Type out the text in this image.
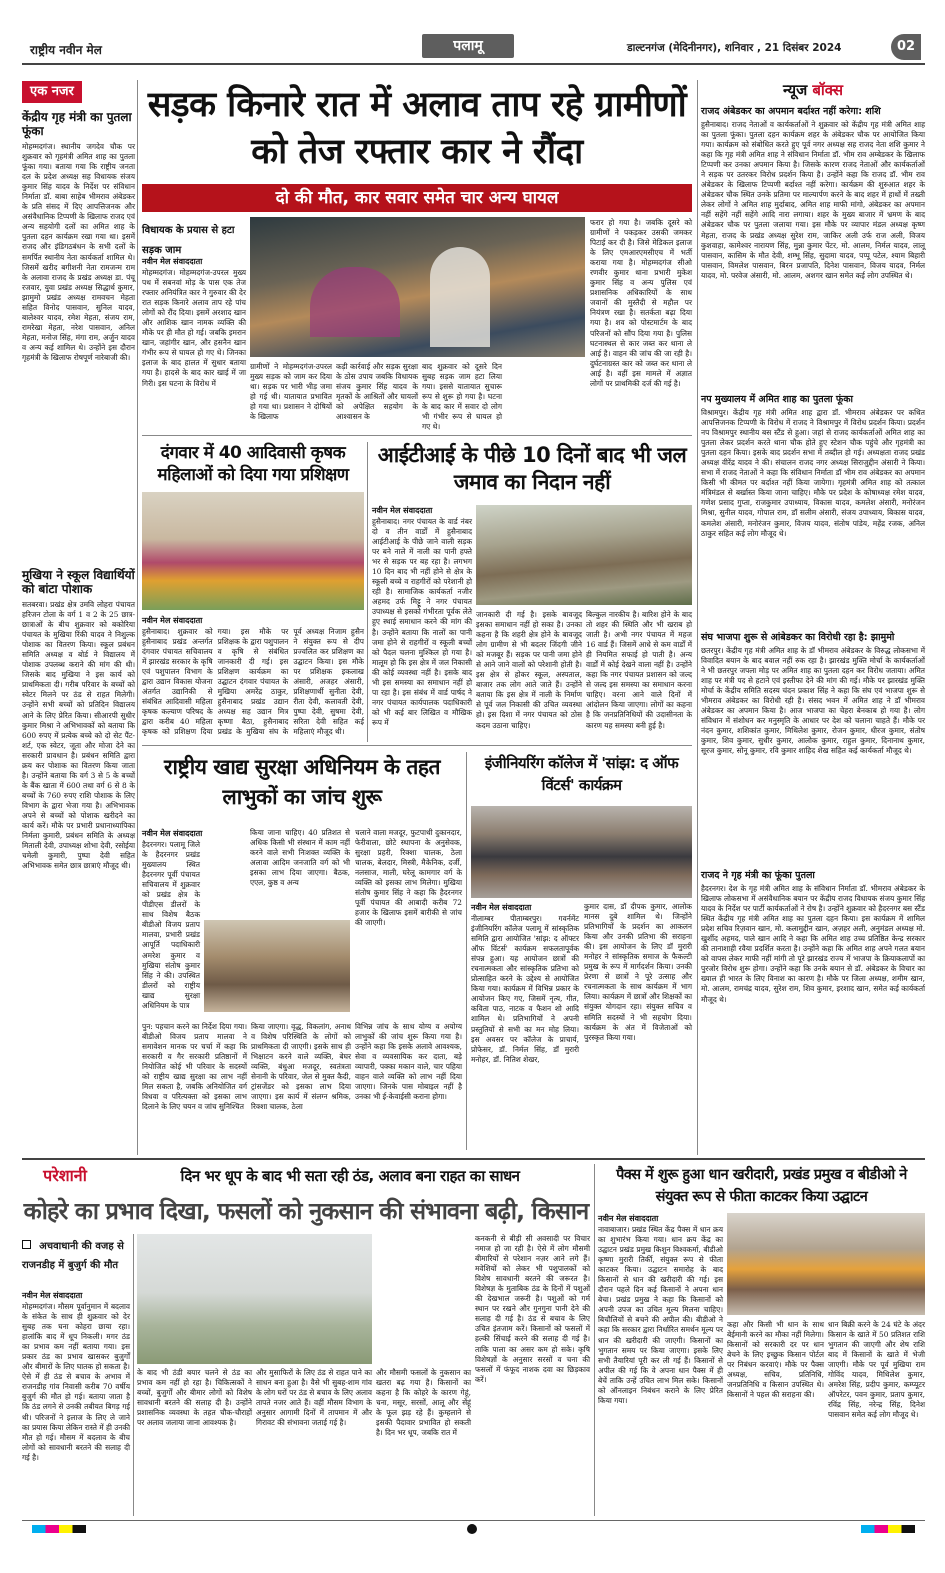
राष्ट्रीय नवीन मेल	पलामू	डाल्टनगंज (मेदिनीनगर), शनिवार , 21 दिसंबर 2024	02
एक नजर
केंद्रीय गृह मंत्री का पुतला फूंका
मोहम्मदगंज। स्थानीय जगदेव चौक पर शुक्रवार को गृहमंत्री अमित शाह का पुतला फूंका गया। बताया गया कि राष्ट्रीय जनता दल के प्रदेश अध्यक्ष सह विधायक संजय कुमार सिंह यादव के निर्देश पर संविधान निर्माता डॉ. बाबा साहेब भीमराव अंबेडकर के प्रति संसद में दिए आपत्तिजनक और असंवैधानिक टिप्पणी के खिलाफ राजद एवं अन्य सहयोगी दलों का अमित शाह के पुतला दहन कार्यक्रम रखा गया था। इसमें राजद और इंडिगठबंधन के सभी दलों के समर्पित स्थानीय नेता कार्यकर्ता शामिल थे। जिसमें खरीद बगीशनी नेता रामजन्म राम के अलावा राजद के प्रखंड अध्यक्ष डा. पंचू रजवार, युवा प्रखंड अध्यक्ष सिद्धार्थ कुमार, झामुमो प्रखंड अध्यक्ष रामवचन मेहता सहित विनोद पासवान, सुनिल यादव, बालेश्वर यादव, रमेश मेहता, संजय राम, रामरेखा मेहता, नरेश पासवान, अनिल मेहता, मनोज सिंह, मंगा राम, अर्जुन यादव व अन्य कई शामिल थे। उन्होंने इस दौरान गृहमंत्री के खिलाफ रोषपूर्ण नारेबाजी की।
मुखिया ने स्कूल विद्यार्थियों को बांटा पोशाक
सतबरवा। प्रखंड क्षेत्र उमवि लोहरा पंचायत हरिजन टोला के वर्ग 1 व 2 के 25 छात्र-छात्राओं के बीच शुक्रवार को बकोरिया पंचायत के मुखिया रिंकी यादव ने निशुल्क पोशाक का वितरण किया। स्कूल प्रबंधन समिति अध्यक्ष व बोर्ड ने विद्यालय में पोशाक उपलब्ध कराने की मांग की थी। जिसके बाद मुखिया ने इस कार्य को प्राथमिकता दी। गरीब परिवार के बच्चों को स्वेटर मिलने पर ठंड से राहत मिलेगी। उन्होंने सभी बच्चों को प्रतिदिन विद्यालय आने के लिए प्रेरित किया। सीआरपी सुधीर कुमार मिश्रा ने अभिभावकों को बताया कि 600 रुपए में प्रत्येक बच्चे को दो सेट पैंट-शर्ट, एक स्वेटर, जूता और मोजा देने का सरकारी प्रावधान है। प्रबंधन समिति द्वारा क्रय कर पोशाक का वितरण किया जाता है। उन्होंने बताया कि वर्ग 3 से 5 के बच्चों के बैंक खाता में 600 तथा वर्ग 6 से 8 के बच्चों के 760 रुपए राशि पोशाक के लिए विभाग के द्वारा भेजा गया है। अभिभावक अपने से बच्चों को पोशाक खरीदने का कार्य करें। मौके पर प्रभारी प्रधानाध्यापिका निर्मला कुमारी, प्रबंधन समिति के अध्यक्ष मिताली देवी, उपाध्यक्ष शोभा देवी, रसोईया चमेली कुमारी, पुष्पा देवी सहित अभिभावक समेत छात्र छात्राएं मौजूद थी।
सड़क किनारे रात में अलाव ताप रहे ग्रामीणों को तेज रफ्तार कार ने रौंदा
दो की मौत, कार सवार समेत चार अन्य घायल
विधायक के प्रयास से हटा सड़क जाम
नवीन मेल संवाददाता
मोहम्मदगंज। मोहम्मदगंज-उपरल मुख्य पथ में सबनवां मोड़ के पास एक तेज रफ्तार अनियंत्रित कार ने गुरुवार की देर रात सड़क किनारे अलाव ताप रहे पांच लोगों को रौंद दिया। इसमें अरशाद खान और आशिक खान नामक व्यक्ति की मौके पर ही मौत हो गई। जबकि इमरान खान, जहांगीर खान, और हसनैन खान गंभीर रूप से घायल हो गए थे। जिनका इलाज के बाद हालत में सुधार बताया गया है। हादसे के बाद कार खाई में जा गिरी। इस घटना के विरोध में
ग्रामीणों ने मोहम्मदगंज-उपरल मुख्य सड़क को जाम कर दिया था। सड़क पर भारी भीड़ जमा हो गई थी। यातायात प्रभावित हो गया था। प्रशासन ने दोषियों के खिलाफ
कड़ी कार्रवाई और सड़क सुरक्षा के ठोस उपाय जबकि विधायक संजय कुमार सिंह यादव के मृतकों के आश्रितों और घायलों को अपेक्षित सहयोग के आश्वासन के
बाद शुक्रवार को दूसरे दिन सुबह सड़क जाम हटा लिया गया। इससे यातायात सुचारू रूप से शुरू हो गया है। घटना के बाद कार में सवार दो लोग भी गंभीर रूप से घायल हो गए थे।
फरार हो गया है। जबकि दूसरे को ग्रामीणों ने पकड़कर उसकी जमकर पिटाई कर दी है। जिसे मेडिकल इलाज के लिए एमआरएमसीएच में भर्ती कराया गया है। मोहम्मदगंज सीओ रणवीर कुमार थाना प्रभारी मुकेश कुमार सिंह व अन्य पुलिस एवं प्रशासनिक अधिकारियों के साथ जवानों की मुस्तैदी से महौल पर नियंत्रण रखा है। सतर्कता बढ़ा दिया गया है। शव को पोस्टमार्टम के बाद परिजनों को सौंप दिया गया है। पुलिस घटनास्थल से कार जब्त कर थाना ले आई है। वाहन की जांच की जा रही है। दुर्घटनाग्रस्त कार को जब्त कर थाना ले आई है। वहीं इस मामले में अज्ञात लोगों पर प्राथमिकी दर्ज की गई है।
दंगवार में 40 आदिवासी कृषक महिलाओं को दिया गया प्रशिक्षण
नवीन मेल संवाददाता
हुसैनाबाद। शुक्रवार को हुसैनाबाद प्रखंड अन्तर्गत दंगवार पंचायत सचिवालय में झारखंड सरकार के कृषि एवं पशुपालन विभाग के द्वारा उद्यान विकास योजना अंतर्गत उद्यानिकी से संबंधित आदिवासी महिला कृषक कल्याण परिषद के द्वारा करीब 40 महिला कृषक को प्रशिक्षण दिया गया। इस मौके पर प्रशिक्षक के द्वारा पशुपालन व कृषि से संबंधित जानकारी दी गई। इस प्रशिक्षण कार्यक्रम का उद्घाटन दंगवार पंचायत के मुखिया अमरेंद्र ठाकुर, हुसैनाबाद प्रखंड उद्यान अध्यक्ष सह उद्यान मित्र कृष्णा बैठा, हुसैनाबाद प्रखंड के मुखिया संघ के पूर्व अध्यक्ष निजाम हुसैन ने संयुक्त रूप से दीप प्रज्वलित कर प्रशिक्षण का उद्घाटन किया। इस मौके पर प्रशिक्षक इकलाख अंसारी, अजहर अंसारी, प्रशिक्षणार्थी सुनीता देवी, रीता देवी, कलावती देवी, पुष्पा देवी, सुषमा देवी, सरिता देवी सहित कई महिलाएं मौजूद थी।
आईटीआई के पीछे 10 दिनों बाद भी जल जमाव का निदान नहीं
नवीन मेल संवाददाता
हुसैनाबाद। नगर पंचायत के वार्ड नंबर दो व तीन वार्डों में हुसैनाबाद आईटीआई के पीछे जाने वाली सड़क पर बने नाले में नाली का पानी हफ्ते भर से सड़क पर बह रहा है। लगभग 10 दिन बाद भी नहीं होने से क्षेत्र के स्कूली बच्चे व राहगीरों को परेशानी हो रही है। सामाजिक कार्यकर्ता नजीर अहमद उर्फ मिट्टू ने नगर पंचायत उपाध्यक्ष से इसको गंभीरता पूर्वक लेते हुए स्थाई समाधान करने की मांग की है। उन्होंने बताया कि नालों का पानी जमा होने से राहगीरों व स्कूली बच्चों को पैदल चलना मुश्किल हो गया है। मालूम हो कि इस क्षेत्र में जल निकासी की कोई व्यवस्था नहीं है। इसके बाद भी इस समस्या का समाधान नहीं हो पा रहा है। इस संबंध में वार्ड पार्षद ने नगर पंचायत कार्यपालक पदाधिकारी को भी कई बार लिखित व मौखिक रूप में
जानकारी दी गई है। इसके बावजूद इसका समाधान नहीं हो सका है। उनका कहना है कि शहरी क्षेत्र होने के बावजूद लोग ग्रामीण से भी बदतर जिंदगी जीने को मजबूर हैं। सड़क पर पानी जमा होने से आने जाने वालों को परेशानी होती है। इस क्षेत्र से होकर स्कूल, अस्पताल, बाजार तक लोग आते जाते हैं। उन्होंने बताया कि इस क्षेत्र में नाली के निर्माण से पूर्व जल निकासी की उचित व्यवस्था हो। इस दिशा में नगर पंचायत को ठोस कदम उठाना चाहिए।
बिल्कुल नारकीय है। बारिश होने के बाद तो शहर की स्थिति और भी खराब हो जाती है। अभी नगर पंचायत में महज 16 वार्ड हैं। जिसमें आधे से कम वार्डों में ही नियमित सफाई हो पाती है। अन्य वार्डों में कोई देखने वाला नहीं है। उन्होंने कहा कि नगर पंचायत प्रशासन को जल्द से जल्द इस समस्या का समाधान करना चाहिए। वरना आने वाले दिनों में आंदोलन किया जाएगा। लोगों का कहना है कि जनप्रतिनिधियों की उदासीनता के कारण यह समस्या बनी हुई है।
राष्ट्रीय खाद्य सुरक्षा अधिनियम के तहत लाभुकों का जांच शुरू
नवीन मेल संवाददाता
हैदरनगर। पलामू जिले के हैदरनगर प्रखंड मुख्यालय स्थित हैदरनगर पूर्वी पंचायत सचिवालय में शुक्रवार को प्रखंड क्षेत्र के पीडीएस डीलरों के साथ विशेष बैठक बीडीओ विजय प्रताप मालवा, प्रभारी प्रखंड आपूर्ति पदाधिकारी अमरेश कुमार व मुखिया संतोष कुमार सिंह ने की। उपस्थित डीलरों को राष्ट्रीय खाद्य सुरक्षा अधिनियम के पात्र
किया जाना चाहिए। 40 प्रतिशत से अधिक किसी भी संस्थान में काम नहीं करने वाले सभी निःशक्त व्यक्ति के अलावा आदिम जनजाति वर्ग को भी इसका लाभ दिया जाएगा। बैठक, एएल, कुष्ठ व अन्य
पुन: पहचान करने का निर्देश दिया गया। बीडीओ विजय प्रताप मालवा ने समावेशन मानक पर चर्चा में कहा कि सरकारी व गैर सरकारी प्रतिष्ठानों में नियोजित कोई भी परिवार के सदस्यों को राष्ट्रीय खाद्य सुरक्षा का लाभ नहीं मिल सकता है, जबकि अनियोजित वर्ग विधवा व परित्यक्ता को इसका लाभ दिलाने के लिए चयन व जांच सुनिश्चित
किया जाएगा। वृद्ध, विकलांग, अनाथ व विशेष परिस्थिति के लोगों को प्राथमिकता दी जाएगी। इसके साथ ही भिक्षाटन करने वाले व्यक्ति, बेघर व्यक्ति, बंधुआ मजदूर, स्वतंत्रता सेनानी के परिवार, जेल से मुक्त कैदी, ट्रांसजेंडर को इसका लाभ दिया जाएगा। इस कार्य में संलग्न श्रमिक, रिक्शा चालक, ठेला
चलाने वाला मजदूर, फुटपाथी दुकानदार, फेरीवाला, छोटे स्थापना के अनुसेवक, सुरक्षा प्रहरी, रिक्शा चालक, ठेला चालक, बेलदार, मिस्त्री, मैकेनिक, दर्जी, नलसाज, माली, घरेलू कामगार वर्ग के व्यक्ति को इसका लाभ मिलेगा। मुखिया संतोष कुमार सिंह ने कहा कि हैदरनगर पूर्वी पंचायत की आबादी करीब 72 हजार के खिलाफ इसमें बारीकी से जांच की जाएगी।
विभिन्न जांच के साथ योग्य व अयोग्य लाभुकों की जांच शुरू किया गया है। उन्होंने कहा कि इसके अलावे आवश्यक, सेवा व व्यवसायिक कर दाता, बड़े व्यापारी, पक्का मकान वाले, चार पहिया वाहन वाले व्यक्ति को लाभ नहीं दिया जाएगा। जिनके पास मोबाइल नहीं है उनका भी ई-केवाईसी कराना होगा।
इंजीनियरिंग कॉलेज में 'सांझ: द ऑफ विंटर्स' कार्यक्रम
नवीन मेल संवाददाता
नीलाम्बर पीताम्बरपुर। गवर्नमेंट इंजीनियरिंग कॉलेज पलामू में सांस्कृतिक समिति द्वारा आयोजित 'सांझ: द ऑफ्टर ऑफ विंटर्स' कार्यक्रम सफलतापूर्वक संपन्न हुआ। यह आयोजन छात्रों की रचनात्मकता और सांस्कृतिक प्रतिभा को प्रोत्साहित करने के उद्देश्य से आयोजित किया गया। कार्यक्रम में विभिन्न प्रकार के आयोजन किए गए, जिसमें नृत्य, गीत, कविता पाठ, नाटक व फैशन शो आदि शामिल थे। प्रतिभागियों ने अपनी प्रस्तुतियों से सभी का मन मोह लिया। इस अवसर पर कॉलेज के प्राचार्य, प्रोफेसर, डॉ. निर्मल सिंह, डॉ मुरारी मनोहर, डॉ. नितिश शेखर,
कुमार दास, डॉ दीपक कुमार, आलोक मानस दुबे शामिल थे। जिन्होंने प्रतिभागियों के प्रदर्शन का आकलन किया और उनकी प्रतिभा की सराहना की। इस आयोजन के लिए डॉ मुरारी मनोहर ने सांस्कृतिक समाज के फैकल्टी प्रमुख के रूप में मार्गदर्शन किया। उनकी प्रेरणा से छात्रों ने पूरे उत्साह और रचनात्मकता के साथ कार्यक्रम में भाग लिया। कार्यक्रम में छात्रों और शिक्षकों का संयुक्त योगदान रहा। संयुक्त सचिव व समिति सदस्यों ने भी सहयोग दिया। कार्यक्रम के अंत में विजेताओं को पुरस्कृत किया गया।
न्यूज बॉक्स
राजद अंबेडकर का अपमान बर्दाश्त नहीं करेगा: शशि
हुसैनाबाद। राजद नेताओं व कार्यकर्ताओं ने शुक्रवार को केंद्रीय गृह मंत्री अमित शाह का पुतला फूंका। पुतला दहन कार्यक्रम शहर के अंबेडकर चौक पर आयोजित किया गया। कार्यक्रम को संबोधित करते हुए पूर्व नगर अध्यक्ष सह राजद नेता शशि कुमार ने कहा कि गृह मंत्री अमित शाह ने संविधान निर्माता डॉ. भीम राव अम्बेडकर के खिलाफ टिप्पणी कर उनका अपमान किया है। जिसके कारण राजद नेताओं और कार्यकर्ताओं ने सड़क पर उतरकर विरोध प्रदर्शन किया है। उन्होंने कहा कि राजद डॉ. भीम राव अंबेडकर के खिलाफ टिप्पणी बर्दाश्त नहीं करेगा। कार्यक्रम की शुरुआत शहर के अंबेडकर चौक स्थित उनके प्रतिमा पर माल्यार्पण करने के बाद शहर में हाथों में तख्ती लेकर लोगों ने अमित शाह मुर्दाबाद, अमित शाह माफी मांगो, अंबेडकर का अपमान नहीं सहेंगे नहीं सहेंगे आदि नारा लगाया। शहर के मुख्य बाजार में भ्रमण के बाद अंबेडकर चौक पर पुतला जलाया गया। इस मौके पर व्यापार मंडल अध्यक्ष कृष्ण मेहता, राजद के प्रखंड अध्यक्ष सुरेश राम, जाकिर अली उर्फ राज अली, विजय कुशवाहा, कामेश्वर नारायण सिंह, मुन्ना कुमार पेंटर, मो. आलम, निर्मल यादव, लालू पासवान, कासिम के मौत देवी, शम्भू सिंह, सुदामा यादव, पप्पू पटेल, श्याम बिहारी पासवान, विमलेश पासवान, बिरन प्रजापति, दिनेश पासवान, विजय यादव, निर्मल यादव, मो. परवेज अंसारी, मो. आलम, अशगर खान समेत कई लोग उपस्थित थे।
नप मुख्यालय में अमित शाह का पुतला फूंका
विश्रामपुर। केंद्रीय गृह मंत्री अमित शाह द्वारा डॉ. भीमराव अंबेडकर पर कथित आपत्तिजनक टिप्पणी के विरोध में राजद ने विश्रामपुर में विरोध प्रदर्शन किया। प्रदर्शन नप विश्रामपुर स्थानीय बस स्टैंड से हुआ। जहां से राजद कार्यकर्ताओं अमित शाह का पुतला लेकर प्रदर्शन करते थाना चौक होते हुए स्टेशन चौक पहुंचे और गृहमंत्री का पुतला दहन किया। इसके बाद प्रदर्शन सभा में तब्दील हो गई। अध्यक्षता राजद प्रखंड अध्यक्ष वीरेंद्र यादव ने की। संचालन राजद नगर अध्यक्ष सिराजुद्दीन अंसारी ने किया। सभा में राजद नेताओं ने कहा कि संविधान निर्माता डॉ भीम राव अंबेडकर का अपमान किसी भी कीमत पर बर्दाश्त नहीं किया जायेगा। गृहमंत्री अमित शाह को तत्काल मंत्रिमंडल से बर्खास्त किया जाना चाहिए। मौके पर प्रदेश के कोषाध्यक्ष रमेश यादव, गणेश प्रसाद गुप्ता, राजकुमार उपाध्याय, विकास यादव, कमलेश अंसारी, मनोरंजन मिश्रा, सुनील यादव, गोपाल राम, डॉ सलीम अंसारी, संजय उपाध्याय, बिकास यादव, कमलेश अंसारी, मनोरंजन कुमार, विजय यादव, संतोष पांडेय, महेंद्र रजक, अनिल ठाकुर सहित कई लोग मौजूद थे।
संघ भाजपा शुरू से आंबेडकर का विरोधी रहा है: झामुमो
छतरपुर। केंद्रीय गृह मंत्री अमित शाह के डॉ भीमराव अंबेडकर के विरुद्ध लोकसभा में विवादित बयान के बाद बवाल नहीं रुक रहा है। झारखंड मुक्ति मोर्चा के कार्यकर्ताओं ने भी छतरपुर जपला मोड़ पर अमित शाह का पुतला दहन कर विरोध जताया। अमित शाह पर मंत्री पद से हटाने एवं इस्तीफा देने की मांग की गई। मौके पर झारखंड मुक्ति मोर्चा के केंद्रीय समिति सदस्य चंदन प्रकाश सिंह ने कहा कि संघ एवं भाजपा शुरू से भीमराव अंबेडकर का विरोधी रही है। संसद भवन में अमित शाह ने डॉ भीमराव अंबेडकर का अपमान किया है। आज भाजपा का चेहरा बेनकाब हो गया है। लोग संविधान में संशोधन कर मनुस्मृति के आधार पर देश को चलाना चाहते हैं। मौके पर नंदन कुमार, शशिकांत कुमार, मिथिलेश कुमार, रोजन कुमार, धीरज कुमार, संतोष कुमार, शिव कुमार, सुधीर कुमार, आलोक कुमार, राहुल कुमार, दिनानाथ कुमार, सूरज कुमार, सोनू कुमार, रवि कुमार शाहिद शेख सहित कई कार्यकर्ता मौजूद थे।
राजद ने गृह मंत्री का फूंका पुतला
हैदरनगर। देश के गृह मंत्री अमित शाह के संविधान निर्माता डॉ. भीमराव अंबेडकर के खिलाफ लोकसभा में असंवैधानिक बयान पर केंद्रीय राजद विधायक संजय कुमार सिंह यादव के निर्देश पर पार्टी कार्यकर्ताओं ने रोष है। उन्होंने शुक्रवार को हैदरनगर बस स्टैंड स्थित केंद्रीय गृह मंत्री अमित शाह का पुतला दहन किया। इस कार्यक्रम में शामिल प्रदेश सचिव रिज़वान खान, मो. कलामुद्दीन खान, अज़हर अली, अनुमंडल अध्यक्ष मो. खुर्शीद अहमद, पाले खान आदि ने कहा कि अमित शाह उच्च प्रतिष्ठित केन्द्र सरकार की तानाशाही रवैया प्रदर्शित करता है। उन्होंने कहा कि अमित शाह अपने गलत बयान को वापस लेकर माफी नहीं मांगी तो पूरे झारखंड राज्य में भाजपा के क्रियाकलापों का पुरजोर विरोध शुरू होगा। उन्होंने कहा कि उनके बयान से डॉ. अंबेडकर के विचार का ख्याल ही भारत के लिए विनाश का कारण है। मौके पर जिला अध्यक्ष, शमीम खान, मो. आलम, रामचंद्र यादव, सुरेश राम, शिव कुमार, इरशाद खान, समेत कई कार्यकर्ता मौजूद थे।
परेशानी	दिन भर धूप के बाद भी सता रही ठंड, अलाव बना राहत का साधन
कोहरे का प्रभाव दिखा, फसलों को नुकसान की संभावना बढ़ी, किसान
अचवाधानी की वजह से राजनडीह में बुजुर्ग की मौत
नवीन मेल संवाददाता
मोहम्मदगंज। मौसम पूर्वानुमान में बदलाव के संकेत के साथ ही शुक्रवार को देर सुबह तक घना कोहरा छाया रहा। हालांकि बाद में धूप निकली। मगर ठंड का प्रभाव कम नहीं बताया गया। इस प्रकार ठंड का प्रभाव खासकर बुजुर्गों और बीमारों के लिए घातक हो सकता है। ऐसे में ही ठंड से बचाव के अभाव में राजनडीह गांव निवासी करीब 70 वर्षीय बुजुर्ग की मौत हो गई। बताया जाता है कि ठंड लगने से उनकी तबीयत बिगड़ गई थी। परिजनों ने इलाज के लिए ले जाने का प्रयास किया लेकिन रास्ते में ही उनकी मौत हो गई। मौसम में बदलाव के बीच लोगों को सावधानी बरतने की सलाह दी गई है।
के बाद भी ठंडी बयार चलने से ठंड का प्रभाव कम नहीं हो रहा है। चिकित्सकों ने बच्चों, बुजुर्गों और बीमार लोगों को विशेष सावधानी बरतने की सलाह दी है। उन्होंने प्रशासनिक व्यवस्था के तहत चौक-चौराहों पर अलाव जलाया जाना आवश्यक है।
और मुसाफिरों के लिए ठंड से राहत पाने का साधन बना हुआ है। वैसे भी सुबह-शाम गांव के लोग घरों पर ठंड से बचाव के लिए अलाव तापते नजर आते हैं। वहीं मौसम विभाग के अनुसार आगामी दिनों में तापमान में और गिरावट की संभावना जताई गई है।
और मौसमी फसलों के नुकसान का खतरा बढ़ गया है। किसानों का कहना है कि कोहरे के कारण गेहूं, चना, मसूर, सरसों, आलू और सेंहूं के फूल झड़ रहे हैं। कुम्हलाने से इसकी पैदावार प्रभावित हो सकती है। दिन भर धूप, जबकि रात में
कनकनी से बीड़ी सी अवसादी पर विचार नमाज हो जा रही है। ऐसे में लोग मौसमी बीमारियों से परेशान नज़र आने लगे हैं। मवेशियों को लेकर भी पशुपालकों को विशेष सावधानी बरतने की जरूरत है। विशेषज्ञ के मुताबिक ठंड के दिनों में पशुओं की देखभाल जरूरी है। पशुओं को गर्म स्थान पर रखने और गुनगुना पानी देने की सलाह दी गई है। ठंड से बचाव के लिए उचित इंतजाम करें। किसानों को फसलों में हल्की सिंचाई करने की सलाह दी गई है। ताकि पाला का असर कम हो सके। कृषि विशेषज्ञों के अनुसार सरसों व चना की फसलों में फंफूद नाशक दवा का छिड़काव करें।
पैक्स में शुरू हुआ धान खरीदारी, प्रखंड प्रमुख व बीडीओ ने संयुक्त रूप से फीता काटकर किया उद्घाटन
नवीन मेल संवाददाता
नावाबाजार। प्रखंड स्थित केंद्र पैक्स में धान क्रय का शुभारंभ किया गया। धान क्रय केंद्र का उद्घाटन प्रखंड प्रमुख किशुन विश्वकर्मा, बीडीओ कृष्णा मुरारी तिर्की, संयुक्त रूप से फीता काटकर किया। उद्घाटन समारोह के बाद किसानों से धान की खरीदारी की गई। इस दौरान पहले दिन कई किसानों ने अपना धान बेचा। प्रखंड प्रमुख ने कहा कि किसानों को अपनी उपज का उचित मूल्य मिलना चाहिए। बिचौलियों से बचने की अपील की। बीडीओ ने कहा कि सरकार द्वारा निर्धारित समर्थन मूल्य पर धान की खरीदारी की जाएगी। किसानों का भुगतान समय पर किया जाएगा। इसके लिए सभी तैयारियां पूरी कर ली गई हैं। किसानों से अपील की गई कि वे अपना धान पैक्स में ही बेचें ताकि उन्हें उचित लाभ मिल सके। किसानों को ऑनलाइन निबंधन कराने के लिए प्रेरित किया गया।
कहा और किसी भी धान के साथ बेईमानी करने का मौका नहीं मिलेगा। किसानों को सरकारी दर पर धान बेचने के लिए इच्छुक किसान पोर्टल पर निबंधन करवाएं। मौके पर पैक्स अध्यक्ष, सचिव, प्रतिनिधि, जनप्रतिनिधि व किसान उपस्थित थे। किसानों ने पहल की सराहना की।
धान बिक्री करने के 24 घंटे के अंदर किसान के खाते में 50 प्रतिशत राशि भुगतान की जाएगी और शेष राशि बाद में किसानों के खाते में भेजी जाएगी। मौके पर पूर्व मुखिया राम गोविंद यादव, मिथिलेश कुमार, अमरेश सिंह, प्रदीप कुमार, कम्प्यूटर ऑपरेटर, पवन कुमार, प्रताप कुमार, रविंद्र सिंह, नरेन्द्र सिंह, दिनेश पासवान समेत कई लोग मौजूद थे।
